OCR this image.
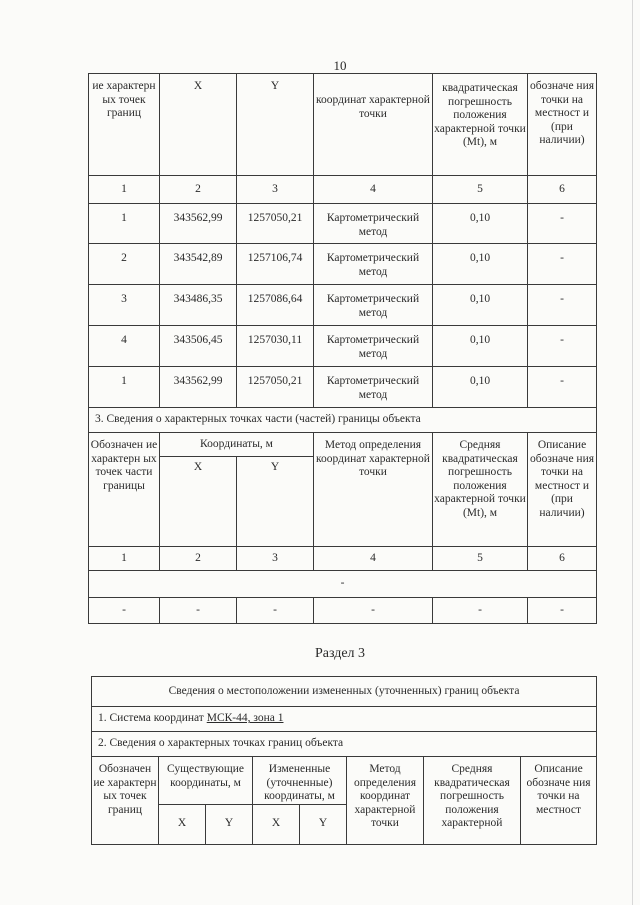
10
ие характерн ых точек границ	X	Y	координат характерной точки	квадратическая погрешность положения характерной точки (Mt), м	обозначе ния точки на местност и (при наличии)
1	2	3	4	5	6
1	343562,99	1257050,21	Картометрический метод	0,10	-
2	343542,89	1257106,74	Картометрический метод	0,10	-
3	343486,35	1257086,64	Картометрический метод	0,10	-
4	343506,45	1257030,11	Картометрический метод	0,10	-
1	343562,99	1257050,21	Картометрический метод	0,10	-
3. Сведения о характерных точках части (частей) границы объекта					
Обозначен ие характерн ых точек части границы	Координаты, м		Метод определения координат характерной точки	Средняя квадратическая погрешность положения характерной точки (Mt), м	Описание обозначе ния точки на местност и (при наличии)
	X	Y			
1	2	3	4	5	6
-					
-	-	-	-	-	-
Раздел 3
Сведения о местоположении измененных (уточненных) границ объекта							
1. Система координат МСК-44, зона 1							
2. Сведения о характерных точках границ объекта							
Обозначен ие характерн ых точек границ	Существующие координаты, м		Измененные (уточненные) координаты, м		Метод определения координат характерной точки	Средняя квадратическая погрешность положения характерной	Описание обозначе ния точки на местност
	X	Y	X	Y			
